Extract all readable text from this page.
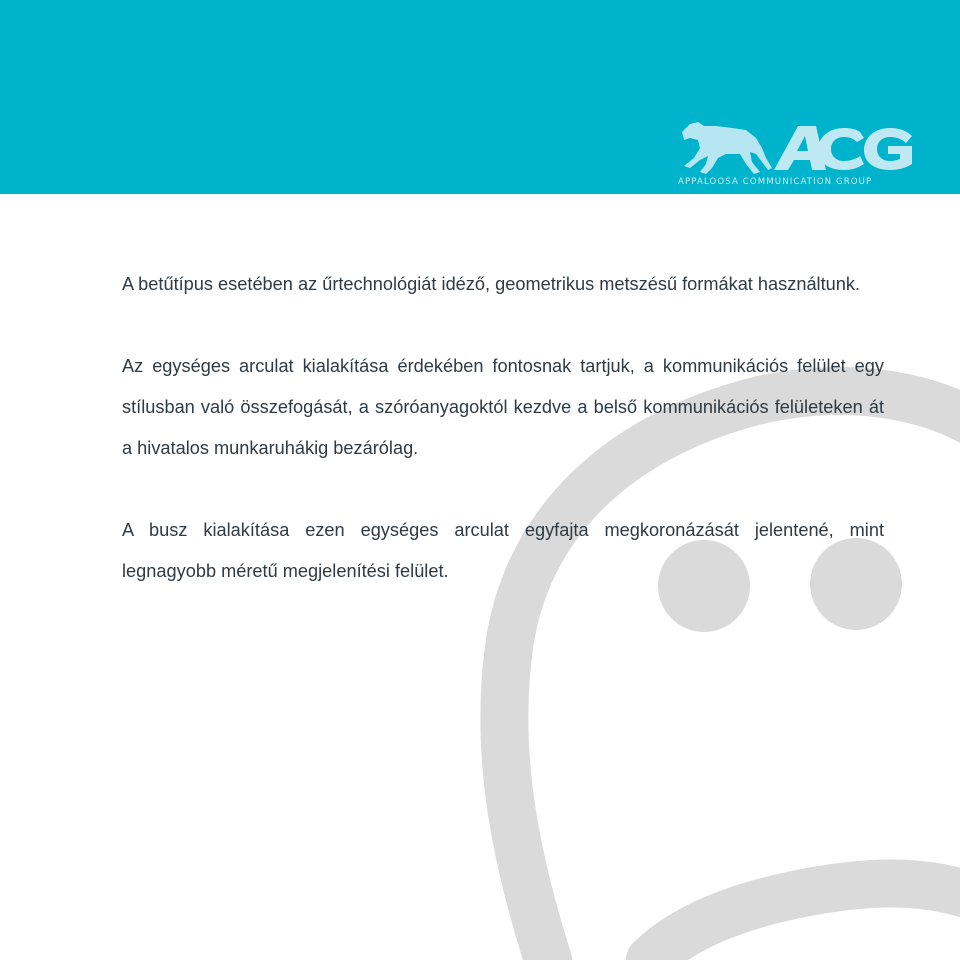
APPALOOSA COMMUNICATION GROUP

A betűtípus esetében az űrtechnológiát idéző, geometrikus metszésű formákat használtunk.

Az egységes arculat kialakítása érdekében fontosnak tartjuk, a kommunikációs felület egy stílusban való összefogását, a szóróanyagoktól kezdve a belső kommunikációs felületeken át a hivatalos munkaruhákig bezárólag.

A busz kialakítása ezen egységes arculat egyfajta megkoronázását jelentené, mint legnagyobb méretű megjelenítési felület.
